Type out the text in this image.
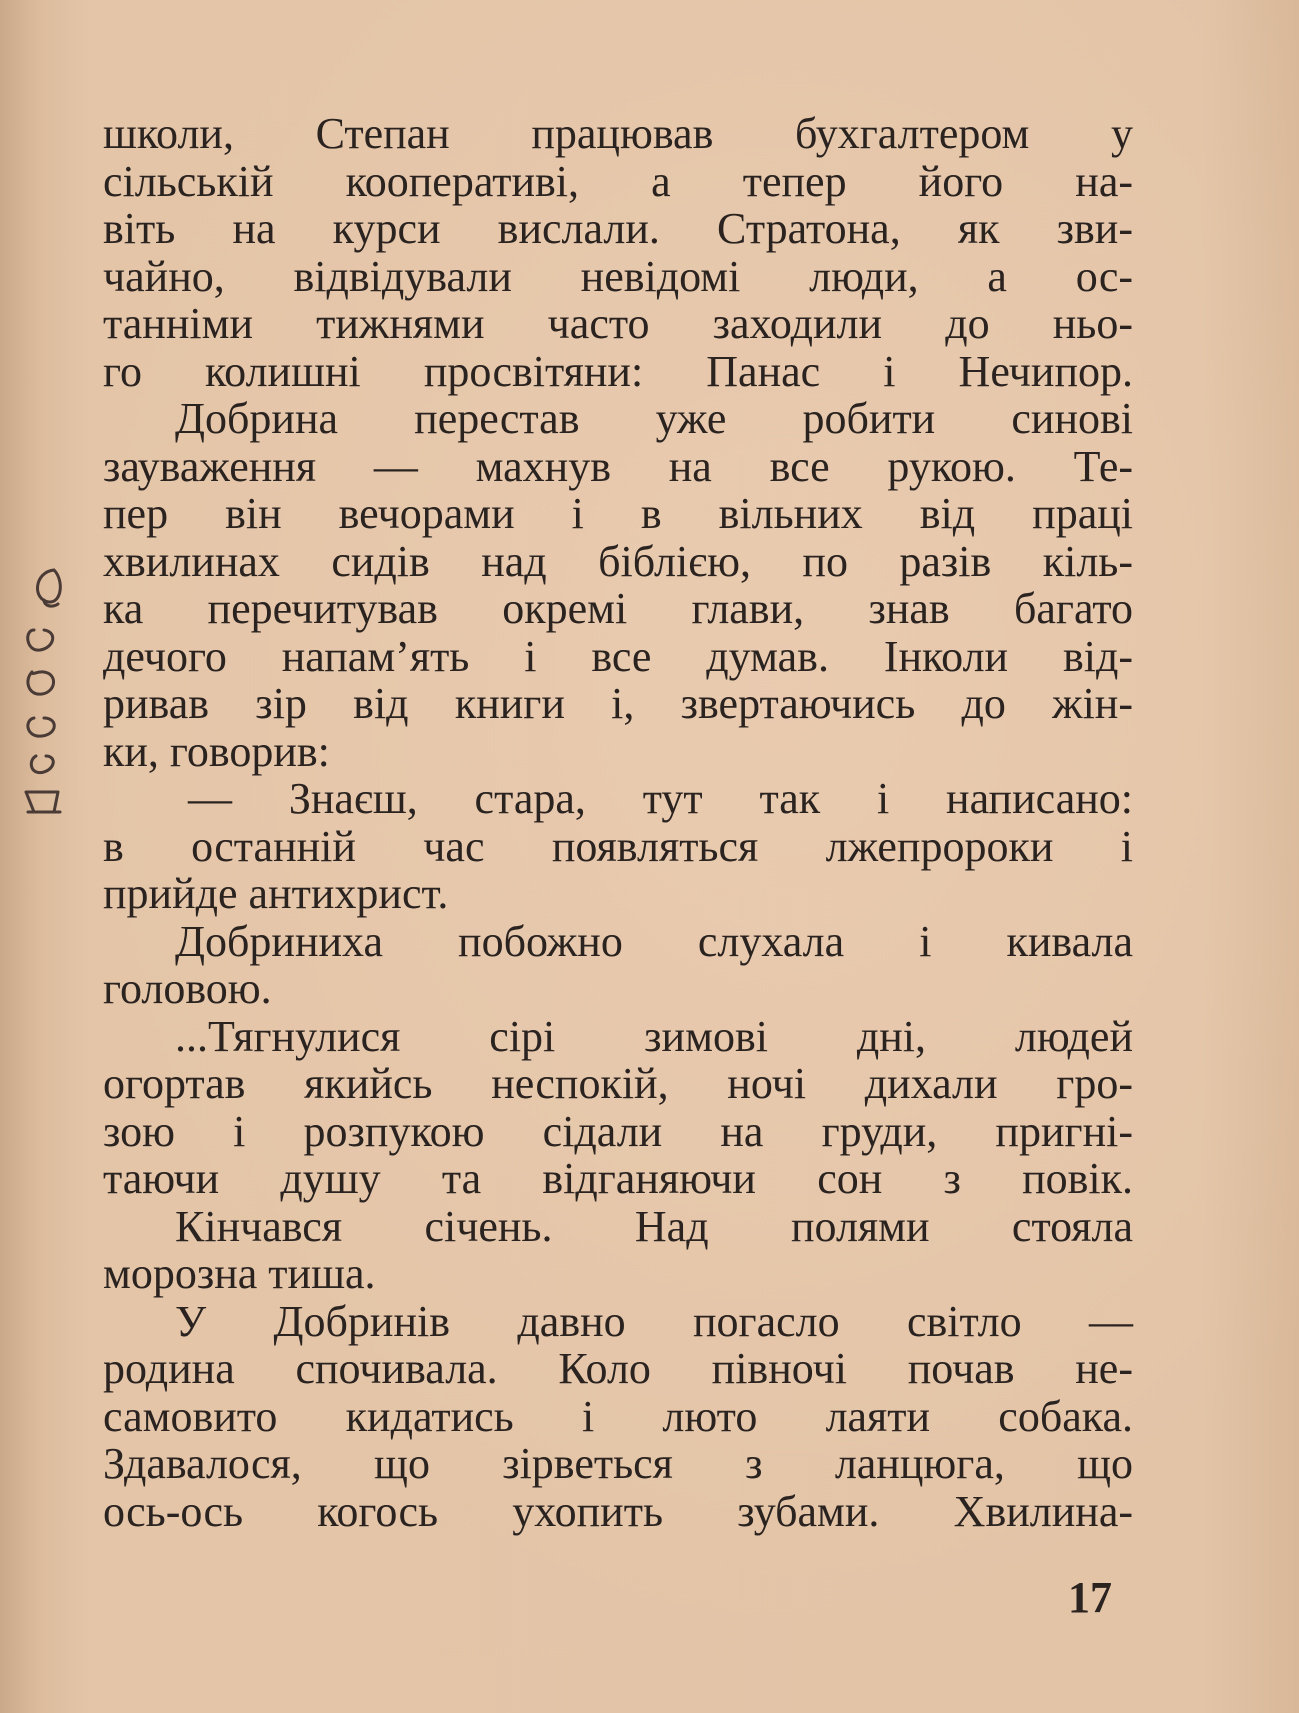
школи, Степан працював бухгалтером у
сільській кооперативі, а тепер його на-
віть на курси вислали. Стратона, як зви-
чайно, відвідували невідомі люди, а ос-
танніми тижнями часто заходили до ньо-
го колишні просвітяни: Панас і Нечипор.
Добрина перестав уже робити синові
зауваження — махнув на все рукою. Те-
пер він вечорами і в вільних від праці
хвилинах сидів над біблією, по разів кіль-
ка перечитував окремі глави, знав багато
дечого напам’ять і все думав. Інколи від-
ривав зір від книги і, звертаючись до жін-
ки, говорив:
— Знаєш, стара, тут так і написано:
в останній час появляться лжепророки і
прийде антихрист.
Добриниха побожно слухала і кивала
головою.
...Тягнулися сірі зимові дні, людей
огортав якийсь неспокій, ночі дихали гро-
зою і розпукою сідали на груди, пригні-
таючи душу та відганяючи сон з повік.
Кінчався січень. Над полями стояла
морозна тиша.
У Добринів давно погасло світло —
родина спочивала. Коло півночі почав не-
самовито кидатись і люто лаяти собака.
Здавалося, що зірветься з ланцюга, що
ось-ось когось ухопить зубами. Хвилина-
17
